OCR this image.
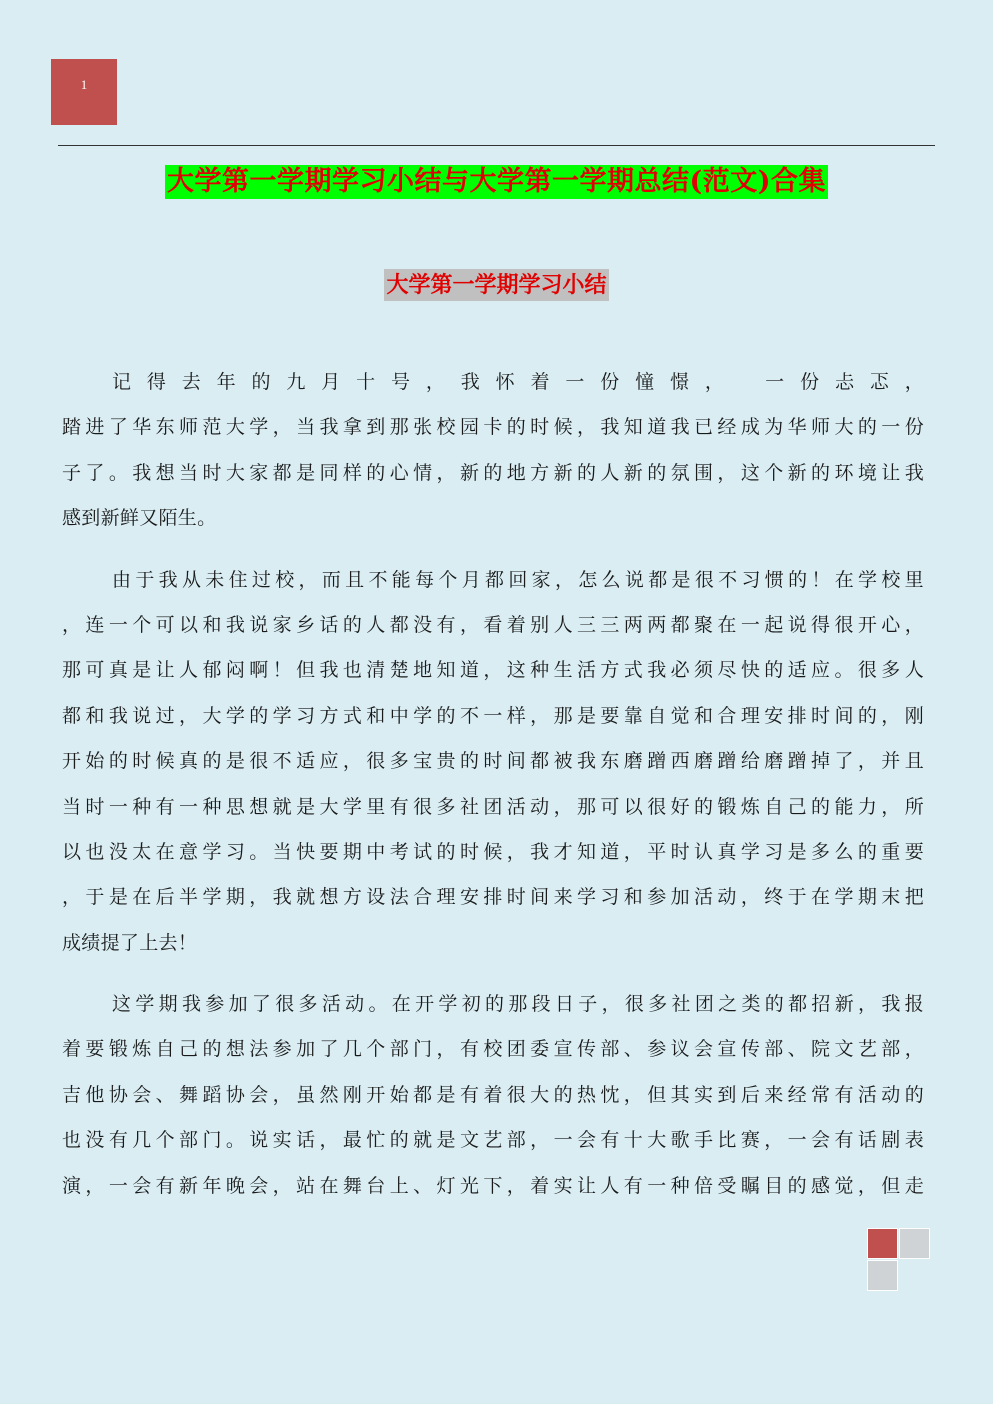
1
大学第一学期学习小结与大学第一学期总结(范文)合集
大学第一学期学习小结
记得去年的九月十号，我怀着一份憧憬，　一份忐忑，
踏进了华东师范大学，当我拿到那张校园卡的时候，我知道我已经成为华师大的一份
子了。我想当时大家都是同样的心情，新的地方新的人新的氛围，这个新的环境让我
感到新鲜又陌生。
由于我从未住过校，而且不能每个月都回家，怎么说都是很不习惯的！在学校里
，连一个可以和我说家乡话的人都没有，看着别人三三两两都聚在一起说得很开心，
那可真是让人郁闷啊！但我也清楚地知道，这种生活方式我必须尽快的适应。很多人
都和我说过，大学的学习方式和中学的不一样，那是要靠自觉和合理安排时间的，刚
开始的时候真的是很不适应，很多宝贵的时间都被我东磨蹭西磨蹭给磨蹭掉了，并且
当时一种有一种思想就是大学里有很多社团活动，那可以很好的锻炼自己的能力，所
以也没太在意学习。当快要期中考试的时候，我才知道，平时认真学习是多么的重要
，于是在后半学期，我就想方设法合理安排时间来学习和参加活动，终于在学期末把
成绩提了上去！
这学期我参加了很多活动。在开学初的那段日子，很多社团之类的都招新，我报
着要锻炼自己的想法参加了几个部门，有校团委宣传部、参议会宣传部、院文艺部，
吉他协会、舞蹈协会，虽然刚开始都是有着很大的热忱，但其实到后来经常有活动的
也没有几个部门。说实话，最忙的就是文艺部，一会有十大歌手比赛，一会有话剧表
演，一会有新年晚会，站在舞台上、灯光下，着实让人有一种倍受瞩目的感觉，但走
